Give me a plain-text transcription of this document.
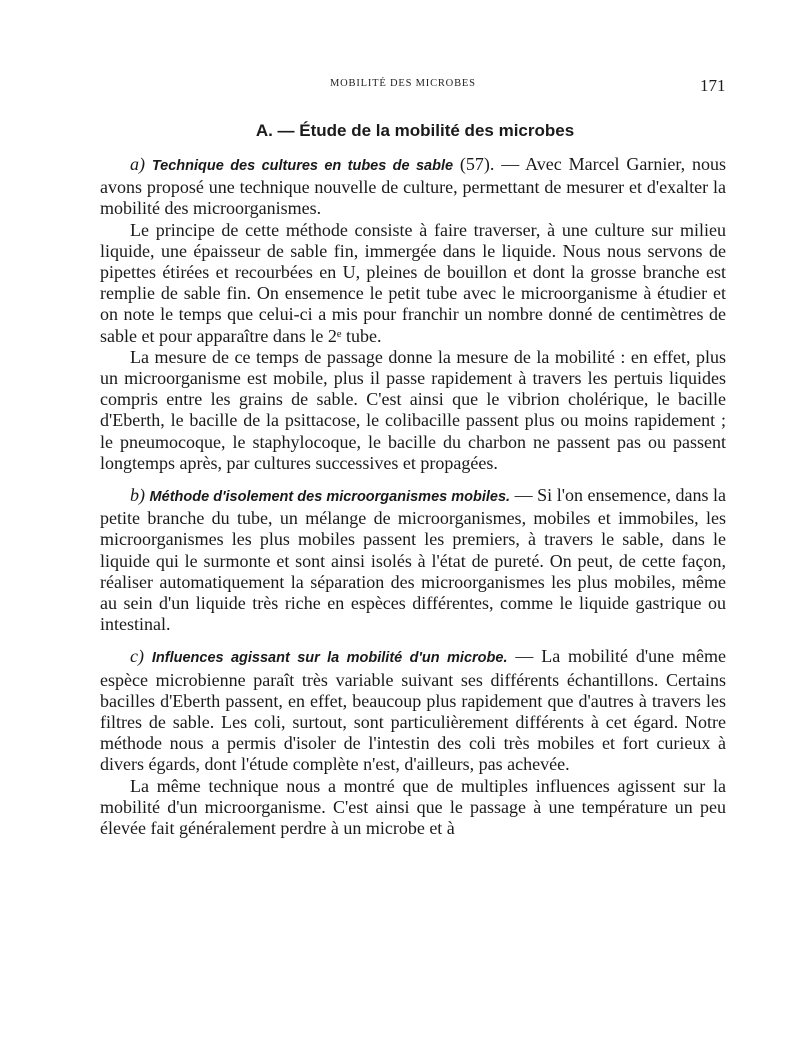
MOBILITÉ DES MICROBES	171
A. — Étude de la mobilité des microbes

a) Technique des cultures en tubes de sable (57). — Avec Marcel Garnier, nous avons proposé une technique nouvelle de culture, permettant de mesurer et d'exalter la mobilité des microorganismes.

Le principe de cette méthode consiste à faire traverser, à une culture sur milieu liquide, une épaisseur de sable fin, immergée dans le liquide. Nous nous servons de pipettes étirées et recourbées en U, pleines de bouillon et dont la grosse branche est remplie de sable fin. On ensemence le petit tube avec le microorganisme à étudier et on note le temps que celui-ci a mis pour franchir un nombre donné de centimètres de sable et pour apparaître dans le 2ᵉ tube.

La mesure de ce temps de passage donne la mesure de la mobilité : en effet, plus un microorganisme est mobile, plus il passe rapidement à travers les pertuis liquides compris entre les grains de sable. C'est ainsi que le vibrion cholérique, le bacille d'Eberth, le bacille de la psittacose, le colibacille passent plus ou moins rapidement ; le pneumocoque, le staphylocoque, le bacille du charbon ne passent pas ou passent longtemps après, par cultures successives et propagées.

b) Méthode d'isolement des microorganismes mobiles. — Si l'on ensemence, dans la petite branche du tube, un mélange de microorganismes, mobiles et immobiles, les microorganismes les plus mobiles passent les premiers, à travers le sable, dans le liquide qui le surmonte et sont ainsi isolés à l'état de pureté. On peut, de cette façon, réaliser automatiquement la séparation des microorganismes les plus mobiles, même au sein d'un liquide très riche en espèces différentes, comme le liquide gastrique ou intestinal.

c) Influences agissant sur la mobilité d'un microbe. — La mobilité d'une même espèce microbienne paraît très variable suivant ses différents échantillons. Certains bacilles d'Eberth passent, en effet, beaucoup plus rapidement que d'autres à travers les filtres de sable. Les coli, surtout, sont particulièrement différents à cet égard. Notre méthode nous a permis d'isoler de l'intestin des coli très mobiles et fort curieux à divers égards, dont l'étude complète n'est, d'ailleurs, pas achevée.

La même technique nous a montré que de multiples influences agissent sur la mobilité d'un microorganisme. C'est ainsi que le passage à une température un peu élevée fait généralement perdre à un microbe et à
